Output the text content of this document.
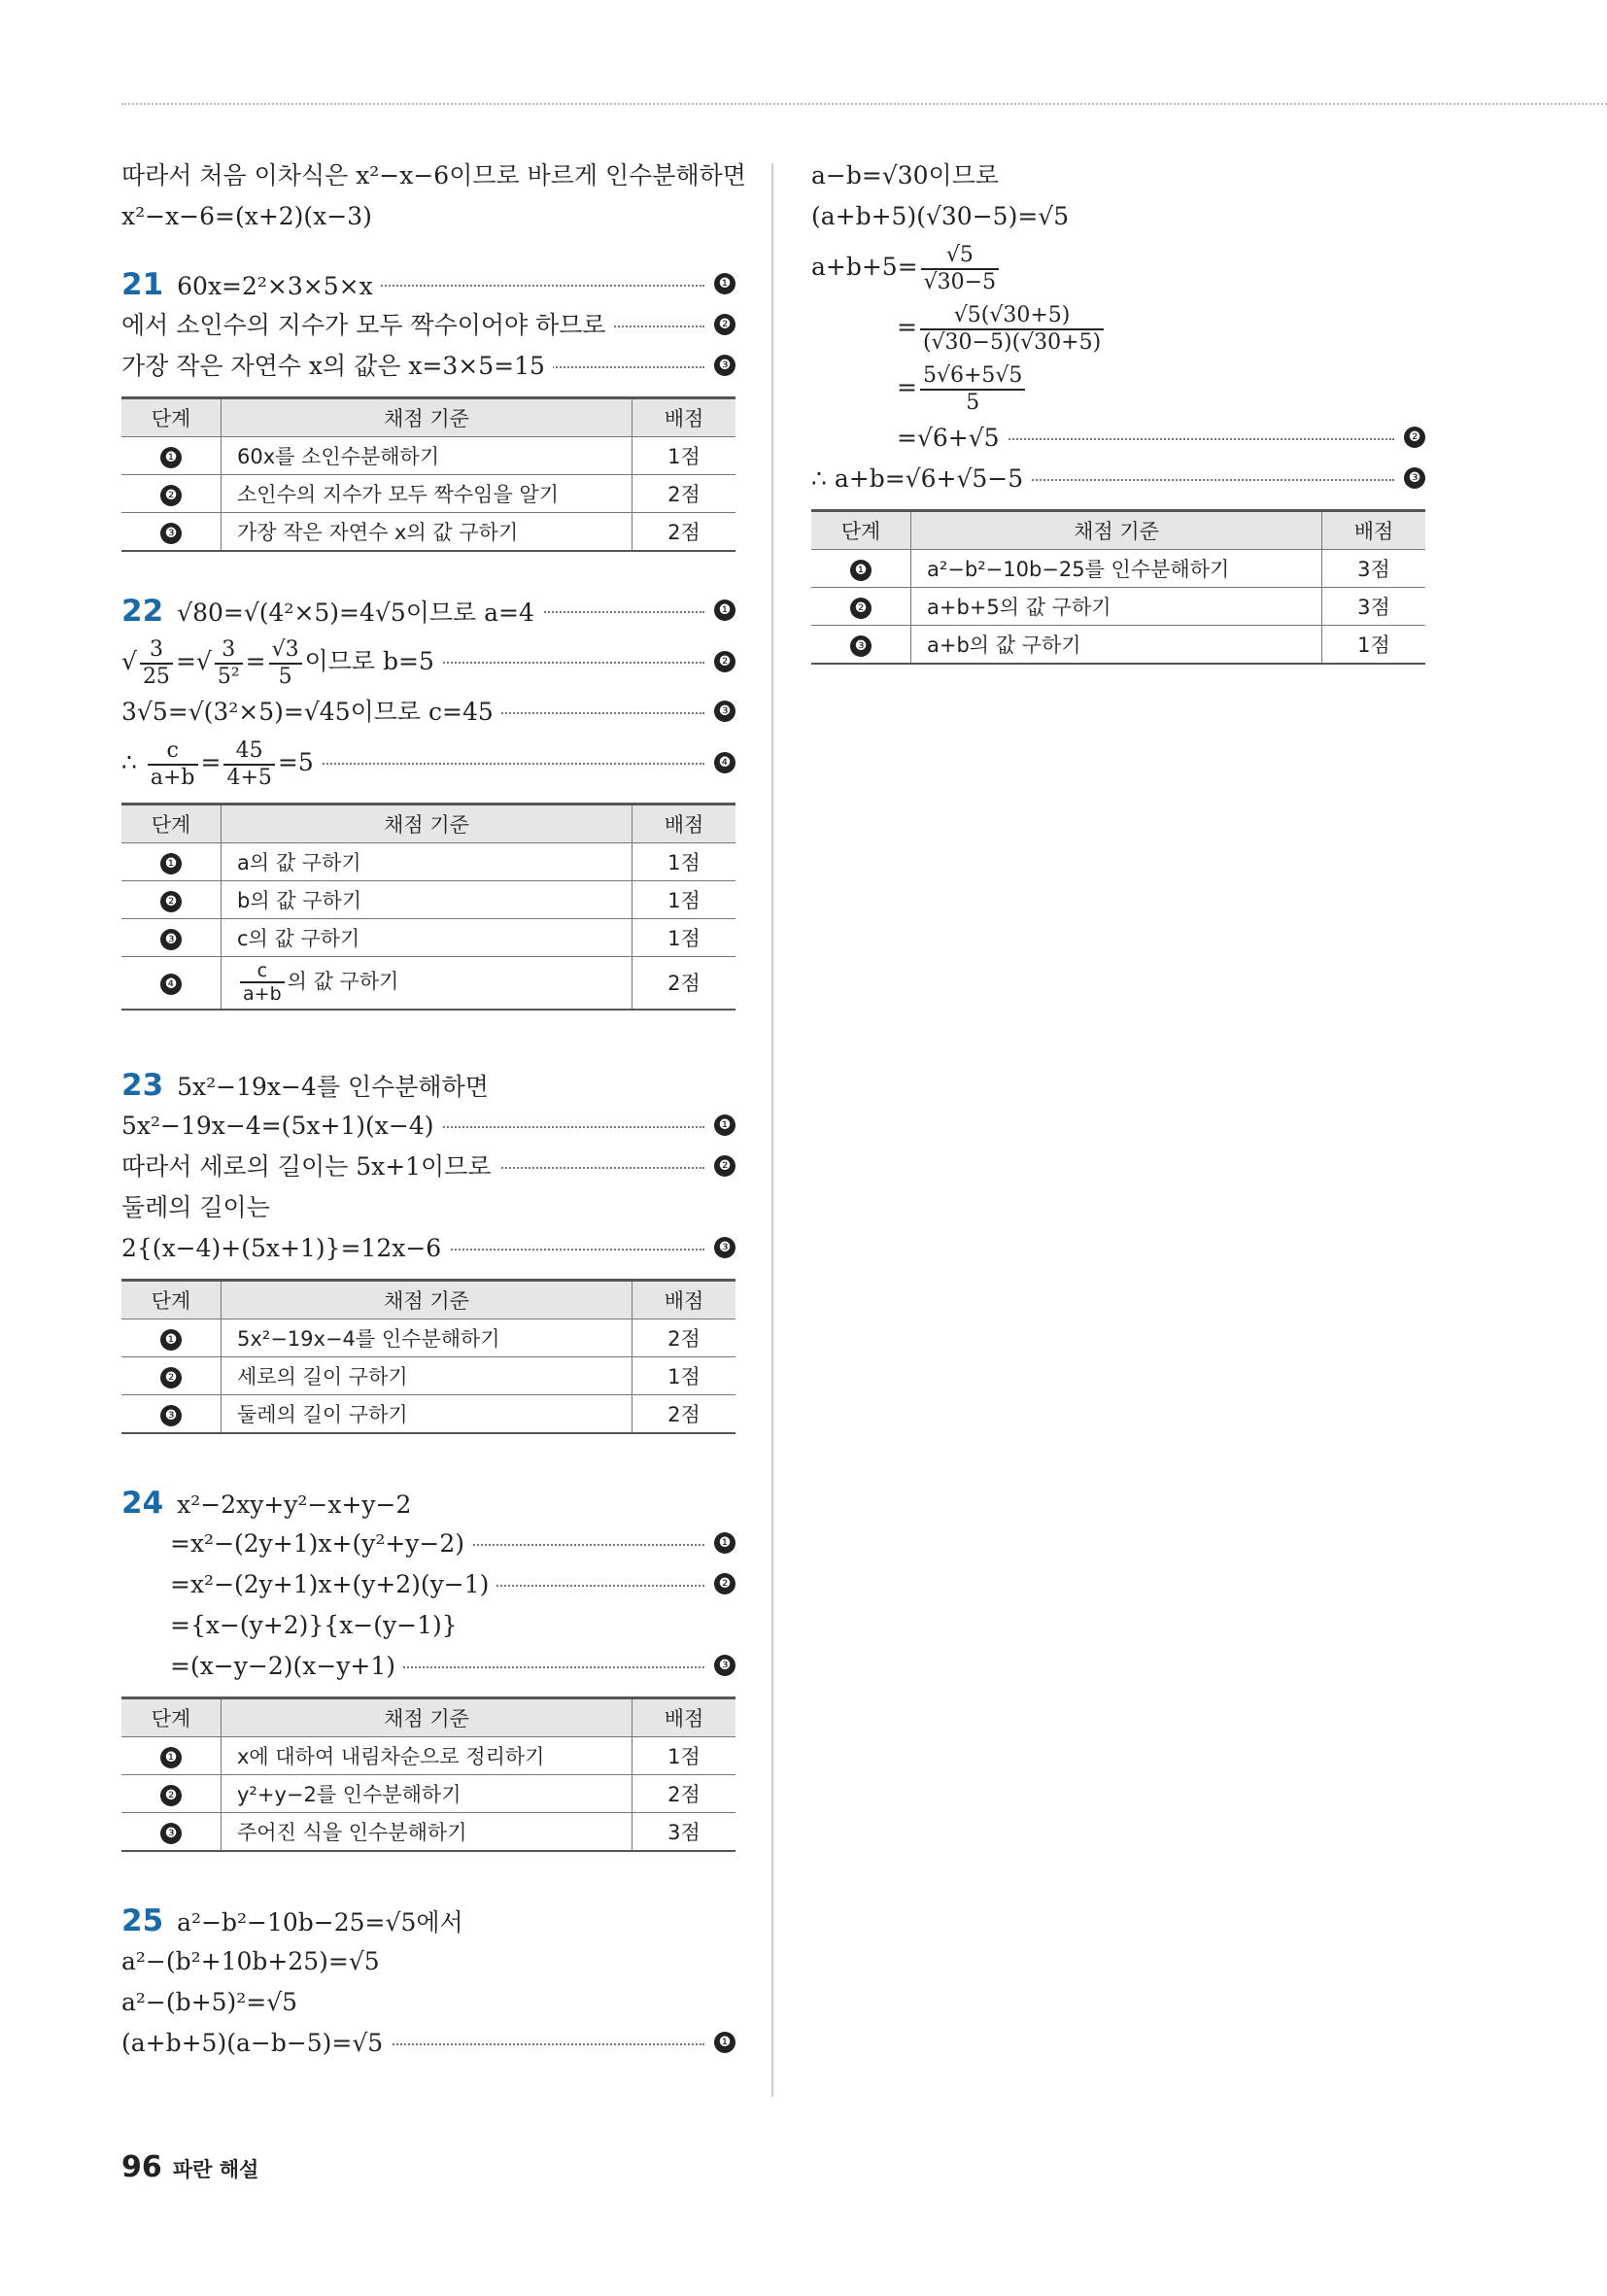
따라서 처음 이차식은 x²−x−6이므로 바르게 인수분해하면
x²−x−6=(x+2)(x−3)
21 60x=2²×3×5×x	❶
에서 소인수의 지수가 모두 짝수이어야 하므로	❷
가장 작은 자연수 x의 값은 x=3×5=15	❸
단계	채점 기준	배점
❶	60x를 소인수분해하기	1점
❷	소인수의 지수가 모두 짝수임을 알기	2점
❸	가장 작은 자연수 x의 값 구하기	2점
22 √80=√(4²×5)=4√5이므로 a=4	❶
√ $\frac{3}{25}$ =√ $\frac{3}{\text{5²}} = \frac{√3}{5}$ 이므로 b=5	❷
3√5=√(3²×5)=√45이므로 c=45	❸
∴ $\frac{c}{a+b} = \frac{45}{4+5} =5$	❹
단계	채점 기준	배점
❶	a의 값 구하기	1점
❷	b의 값 구하기	1점
❸	c의 값 구하기	1점
❹	$\frac{c}{a+b}$ 의 값 구하기	2점
23 5x²−19x−4를 인수분해하면
5x²−19x−4=(5x+1)(x−4)	❶
따라서 세로의 길이는 5x+1이므로	❷
둘레의 길이는
2{(x−4)+(5x+1)}=12x−6	❸
단계	채점 기준	배점
❶	5x²−19x−4를 인수분해하기	2점
❷	세로의 길이 구하기	1점
❸	둘레의 길이 구하기	2점
24 x²−2xy+y²−x+y−2
=x²−(2y+1)x+(y²+y−2)	❶
=x²−(2y+1)x+(y+2)(y−1)	❷
={x−(y+2)}{x−(y−1)}
=(x−y−2)(x−y+1)	❸
단계	채점 기준	배점
❶	x에 대하여 내림차순으로 정리하기	1점
❷	y²+y−2를 인수분해하기	2점
❸	주어진 식을 인수분해하기	3점
25 a²−b²−10b−25=√5에서
a²−(b²+10b+25)=√5
a²−(b+5)²=√5
(a+b+5)(a−b−5)=√5	❶
a−b=√30이므로
(a+b+5)(√30−5)=√5
$a+b+5= \frac{√5}{√30-5}$
= $\frac{√5(√30+5)}{(√30-5)(√30+5)}$
= $\frac{5√6+5√5}{5}$
=√6+√5	❷
∴ a+b=√6+√5−5	❸
단계	채점 기준	배점
❶	a²−b²−10b−25를 인수분해하기	3점
❷	a+b+5의 값 구하기	3점
❸	a+b의 값 구하기	1점
96 파란 해설
